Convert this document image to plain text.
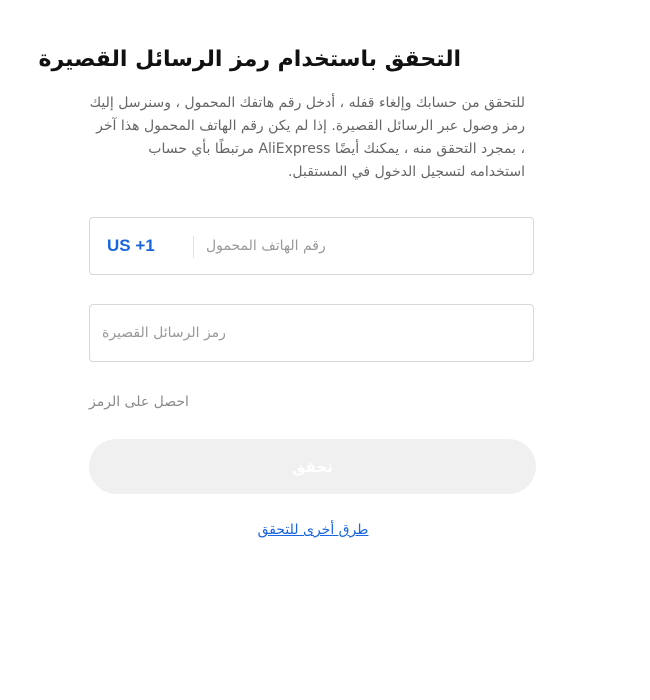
التحقق باستخدام رمز الرسائل القصيرة

للتحقق من حسابك وإلغاء قفله ، أدخل رقم هاتفك المحمول ، وسنرسل إليك رمز وصول عبر الرسائل القصيرة. إذا لم يكن رقم الهاتف المحمول هذا آخر ، بمجرد التحقق منه ، يمكنك أيضًا AliExpress مرتبطًا بأي حساب استخدامه لتسجيل الدخول في المستقبل.

US +1
رقم الهاتف المحمول
رمز الرسائل القصيرة
احصل على الرمز
تحقق
طرق أخرى للتحقق
